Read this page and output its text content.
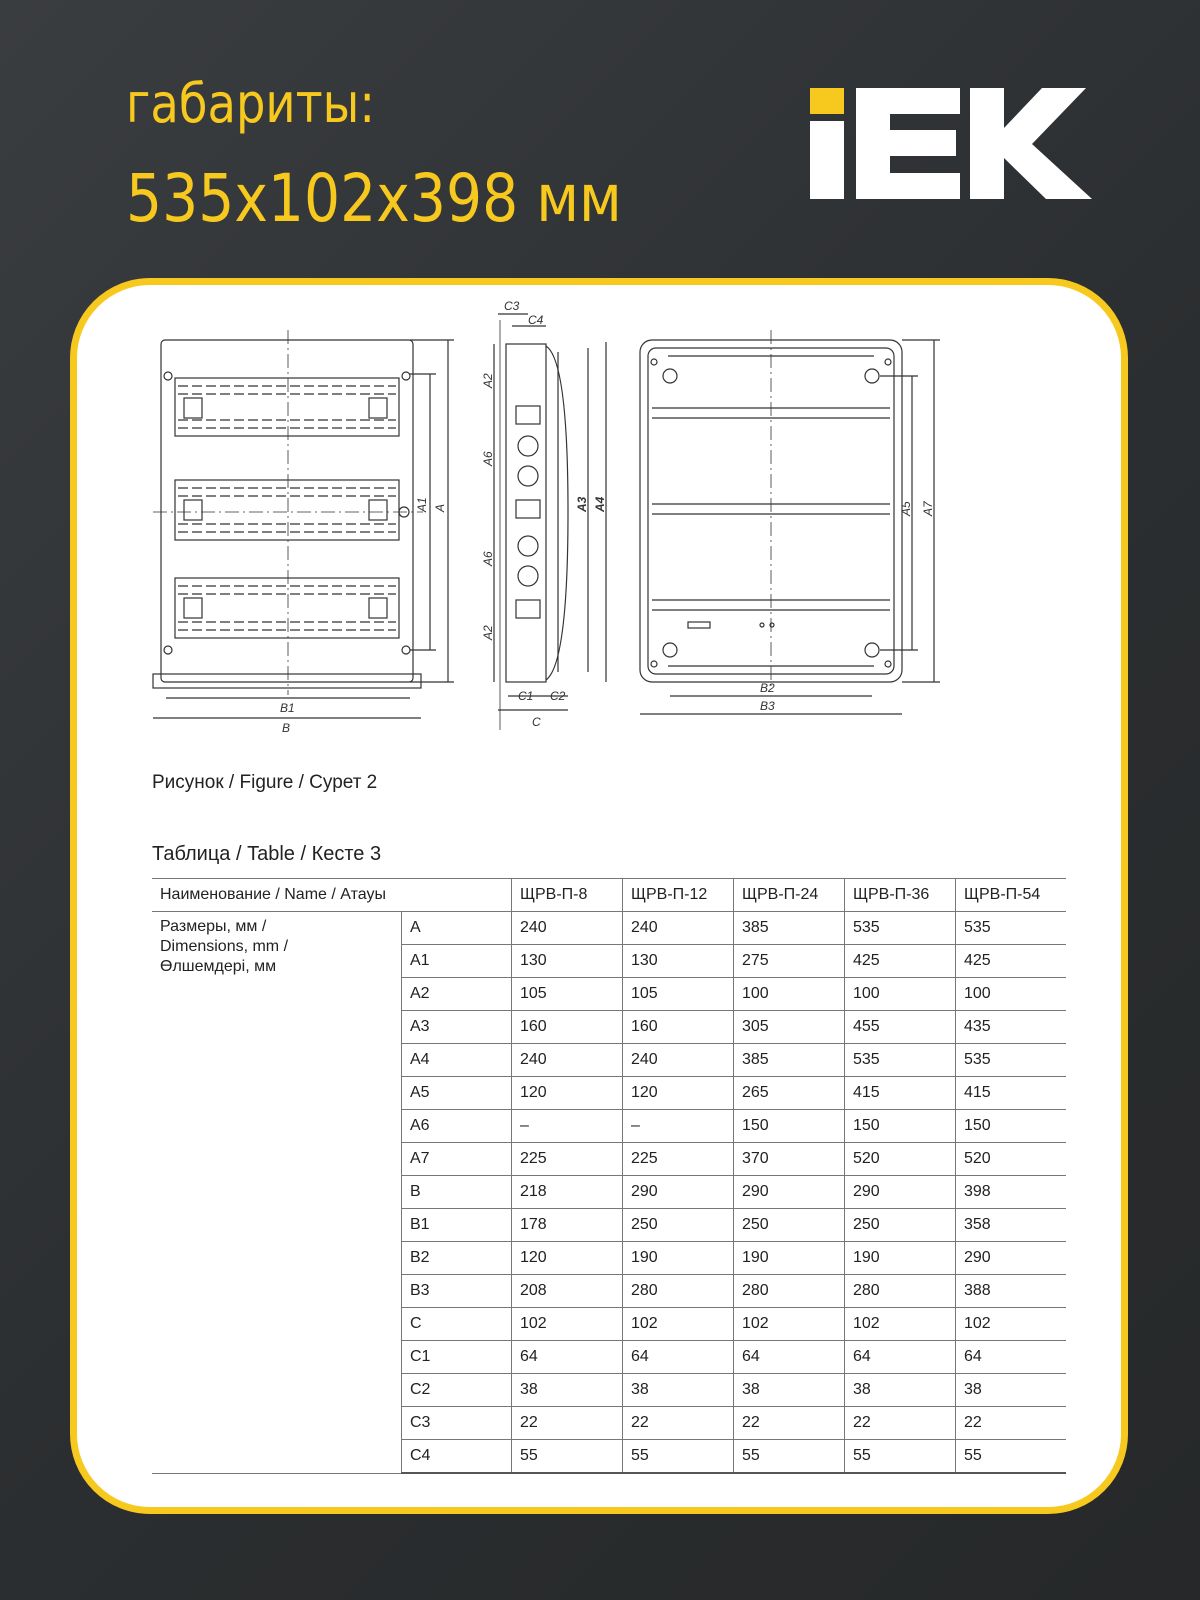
габариты:
535x102x398 мм
B1
B
A1 A
C3
C4
A2
A6
A6
A2
A3 A4
C1 C2
C
A5 A7
B2
B3
Рисунок / Figure / Сурет 2
Таблица / Table / Кесте 3
Наименование / Name / Атауы		ЩРВ-П-8	ЩРВ-П-12	ЩРВ-П-24	ЩРВ-П-36	ЩРВ-П-54

Размеры, мм /
Dimensions, mm /
Өлшемдері, мм	A	240	240	385	535	535
	A1	130	130	275	425	425
	A2	105	105	100	100	100
	A3	160	160	305	455	435
	A4	240	240	385	535	535
	A5	120	120	265	415	415
	A6	–	–	150	150	150
	A7	225	225	370	520	520
	B	218	290	290	290	398
	B1	178	250	250	250	358
	B2	120	190	190	190	290
	B3	208	280	280	280	388
	C	102	102	102	102	102
	C1	64	64	64	64	64
	C2	38	38	38	38	38
	C3	22	22	22	22	22
	C4	55	55	55	55	55
